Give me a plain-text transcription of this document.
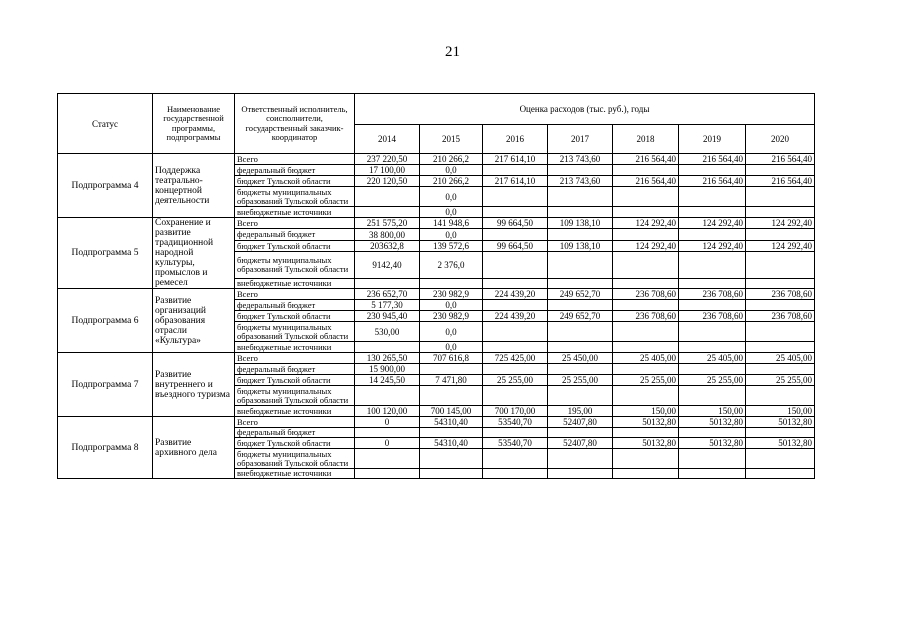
21
Статус	Наименование государственной программы, подпрограммы	Ответственный исполнитель, соисполнители, государственный заказчик-координатор	Оценка расходов (тыс. руб.), годы						
			2014	2015	2016	2017	2018	2019	2020
Подпрограмма 4	Поддержка театрально-концертной деятельности	Всего	237 220,50	210 266,2	217 614,10	213 743,60	216 564,40	216 564,40	216 564,40
		федеральный бюджет	17 100,00	0,0					
		бюджет Тульской области	220 120,50	210 266,2	217 614,10	213 743,60	216 564,40	216 564,40	216 564,40
		бюджеты муниципальных образований Тульской области		0,0					
		внебюджетные источники		0,0					
Подпрограмма 5	Сохранение и развитие традиционной народной культуры, промыслов и ремесел	Всего	251 575,20	141 948,6	99 664,50	109 138,10	124 292,40	124 292,40	124 292,40
		федеральный бюджет	38 800,00	0,0					
		бюджет Тульской области	203632,8	139 572,6	99 664,50	109 138,10	124 292,40	124 292,40	124 292,40
		бюджеты муниципальных образований Тульской области	9142,40	2 376,0					
		внебюджетные источники							
Подпрограмма 6	Развитие организаций образования отрасли «Культура»	Всего	236 652,70	230 982,9	224 439,20	249 652,70	236 708,60	236 708,60	236 708,60
		федеральный бюджет	5 177,30	0,0					
		бюджет Тульской области	230 945,40	230 982,9	224 439,20	249 652,70	236 708,60	236 708,60	236 708,60
		бюджеты муниципальных образований Тульской области	530,00	0,0					
		внебюджетные источники		0,0					
Подпрограмма 7	Развитие внутреннего и въездного туризма	Всего	130 265,50	707 616,8	725 425,00	25 450,00	25 405,00	25 405,00	25 405,00
		федеральный бюджет	15 900,00						
		бюджет Тульской области	14 245,50	7 471,80	25 255,00	25 255,00	25 255,00	25 255,00	25 255,00
		бюджеты муниципальных образований Тульской области							
		внебюджетные источники	100 120,00	700 145,00	700 170,00	195,00	150,00	150,00	150,00
Подпрограмма 8	Развитие архивного дела	Всего	0	54310,40	53540,70	52407,80	50132,80	50132,80	50132,80
		федеральный бюджет							
		бюджет Тульской области	0	54310,40	53540,70	52407,80	50132,80	50132,80	50132,80
		бюджеты муниципальных образований Тульской области							
		внебюджетные источники							
